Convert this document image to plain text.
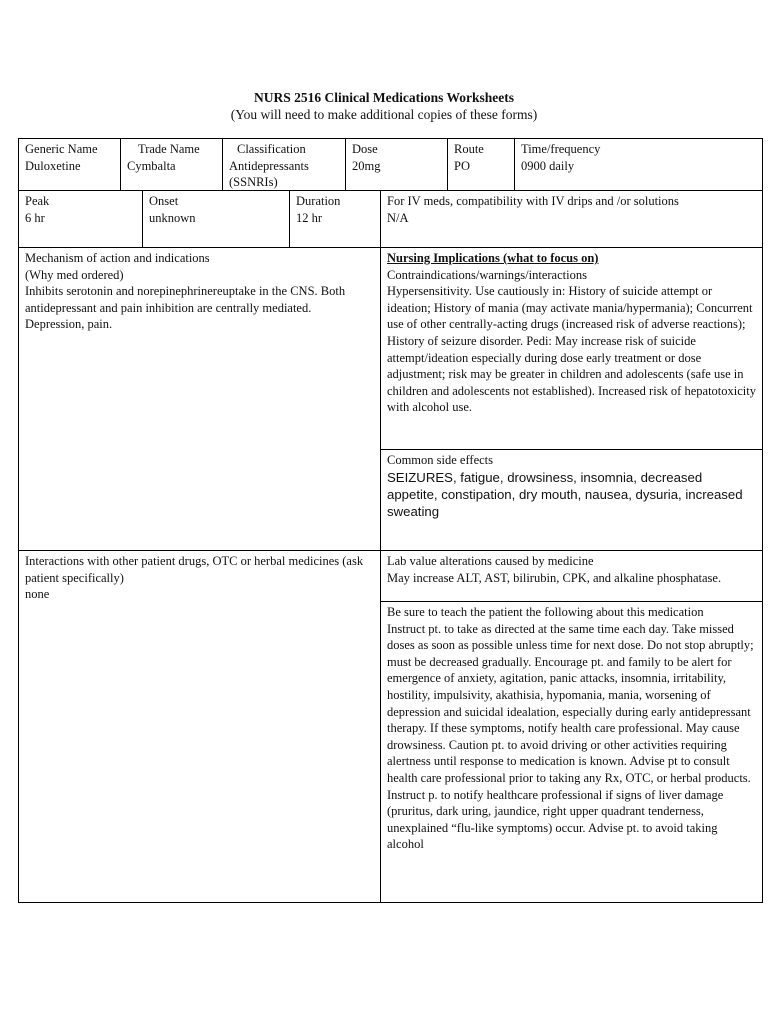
NURS 2516 Clinical Medications Worksheets
(You will need to make additional copies of these forms)
Generic Name
Duloxetine
Trade Name
Cymbalta
Classification
Antidepressants (SSNRIs)
Dose
20mg
Route
PO
Time/frequency
0900 daily
Peak
6 hr
Onset
unknown
Duration
12 hr
For IV meds, compatibility with IV drips and /or solutions
N/A
Mechanism of action and indications
(Why med ordered)
Inhibits serotonin and norepinephrinereuptake in the CNS. Both antidepressant and pain inhibition are centrally mediated.
Depression, pain.
Nursing Implications (what to focus on)
Contraindications/warnings/interactions
Hypersensitivity. Use cautiously in: History of suicide attempt or ideation; History of mania (may activate mania/hypermania); Concurrent use of other centrally-acting drugs (increased risk of adverse reactions); History of seizure disorder. Pedi: May increase risk of suicide attempt/ideation especially during dose early treatment or dose adjustment; risk may be greater in children and adolescents (safe use in children and adolescents not established). Increased risk of hepatotoxicity with alcohol use.
Common side effects
SEIZURES, fatigue, drowsiness, insomnia, decreased appetite, constipation, dry mouth, nausea, dysuria, increased sweating
Interactions with other patient drugs, OTC or herbal medicines (ask patient specifically)
none
Lab value alterations caused by medicine
May increase ALT, AST, bilirubin, CPK, and alkaline phosphatase.
Be sure to teach the patient the following about this medication
Instruct pt. to take as directed at the same time each day. Take missed doses as soon as possible unless time for next dose. Do not stop abruptly; must be decreased gradually. Encourage pt. and family to be alert for emergence of anxiety, agitation, panic attacks, insomnia, irritability, hostility, impulsivity, akathisia, hypomania, mania, worsening of depression and suicidal idealation, especially during early antidepressant therapy. If these symptoms, notify health care professional. May cause drowsiness. Caution pt. to avoid driving or other activities requiring alertness until response to medication is known. Advise pt to consult health care professional prior to taking any Rx, OTC, or herbal products. Instruct p. to notify healthcare professional if signs of liver damage (pruritus, dark uring, jaundice, right upper quadrant tenderness, unexplained “flu-like symptoms) occur. Advise pt. to avoid taking alcohol
